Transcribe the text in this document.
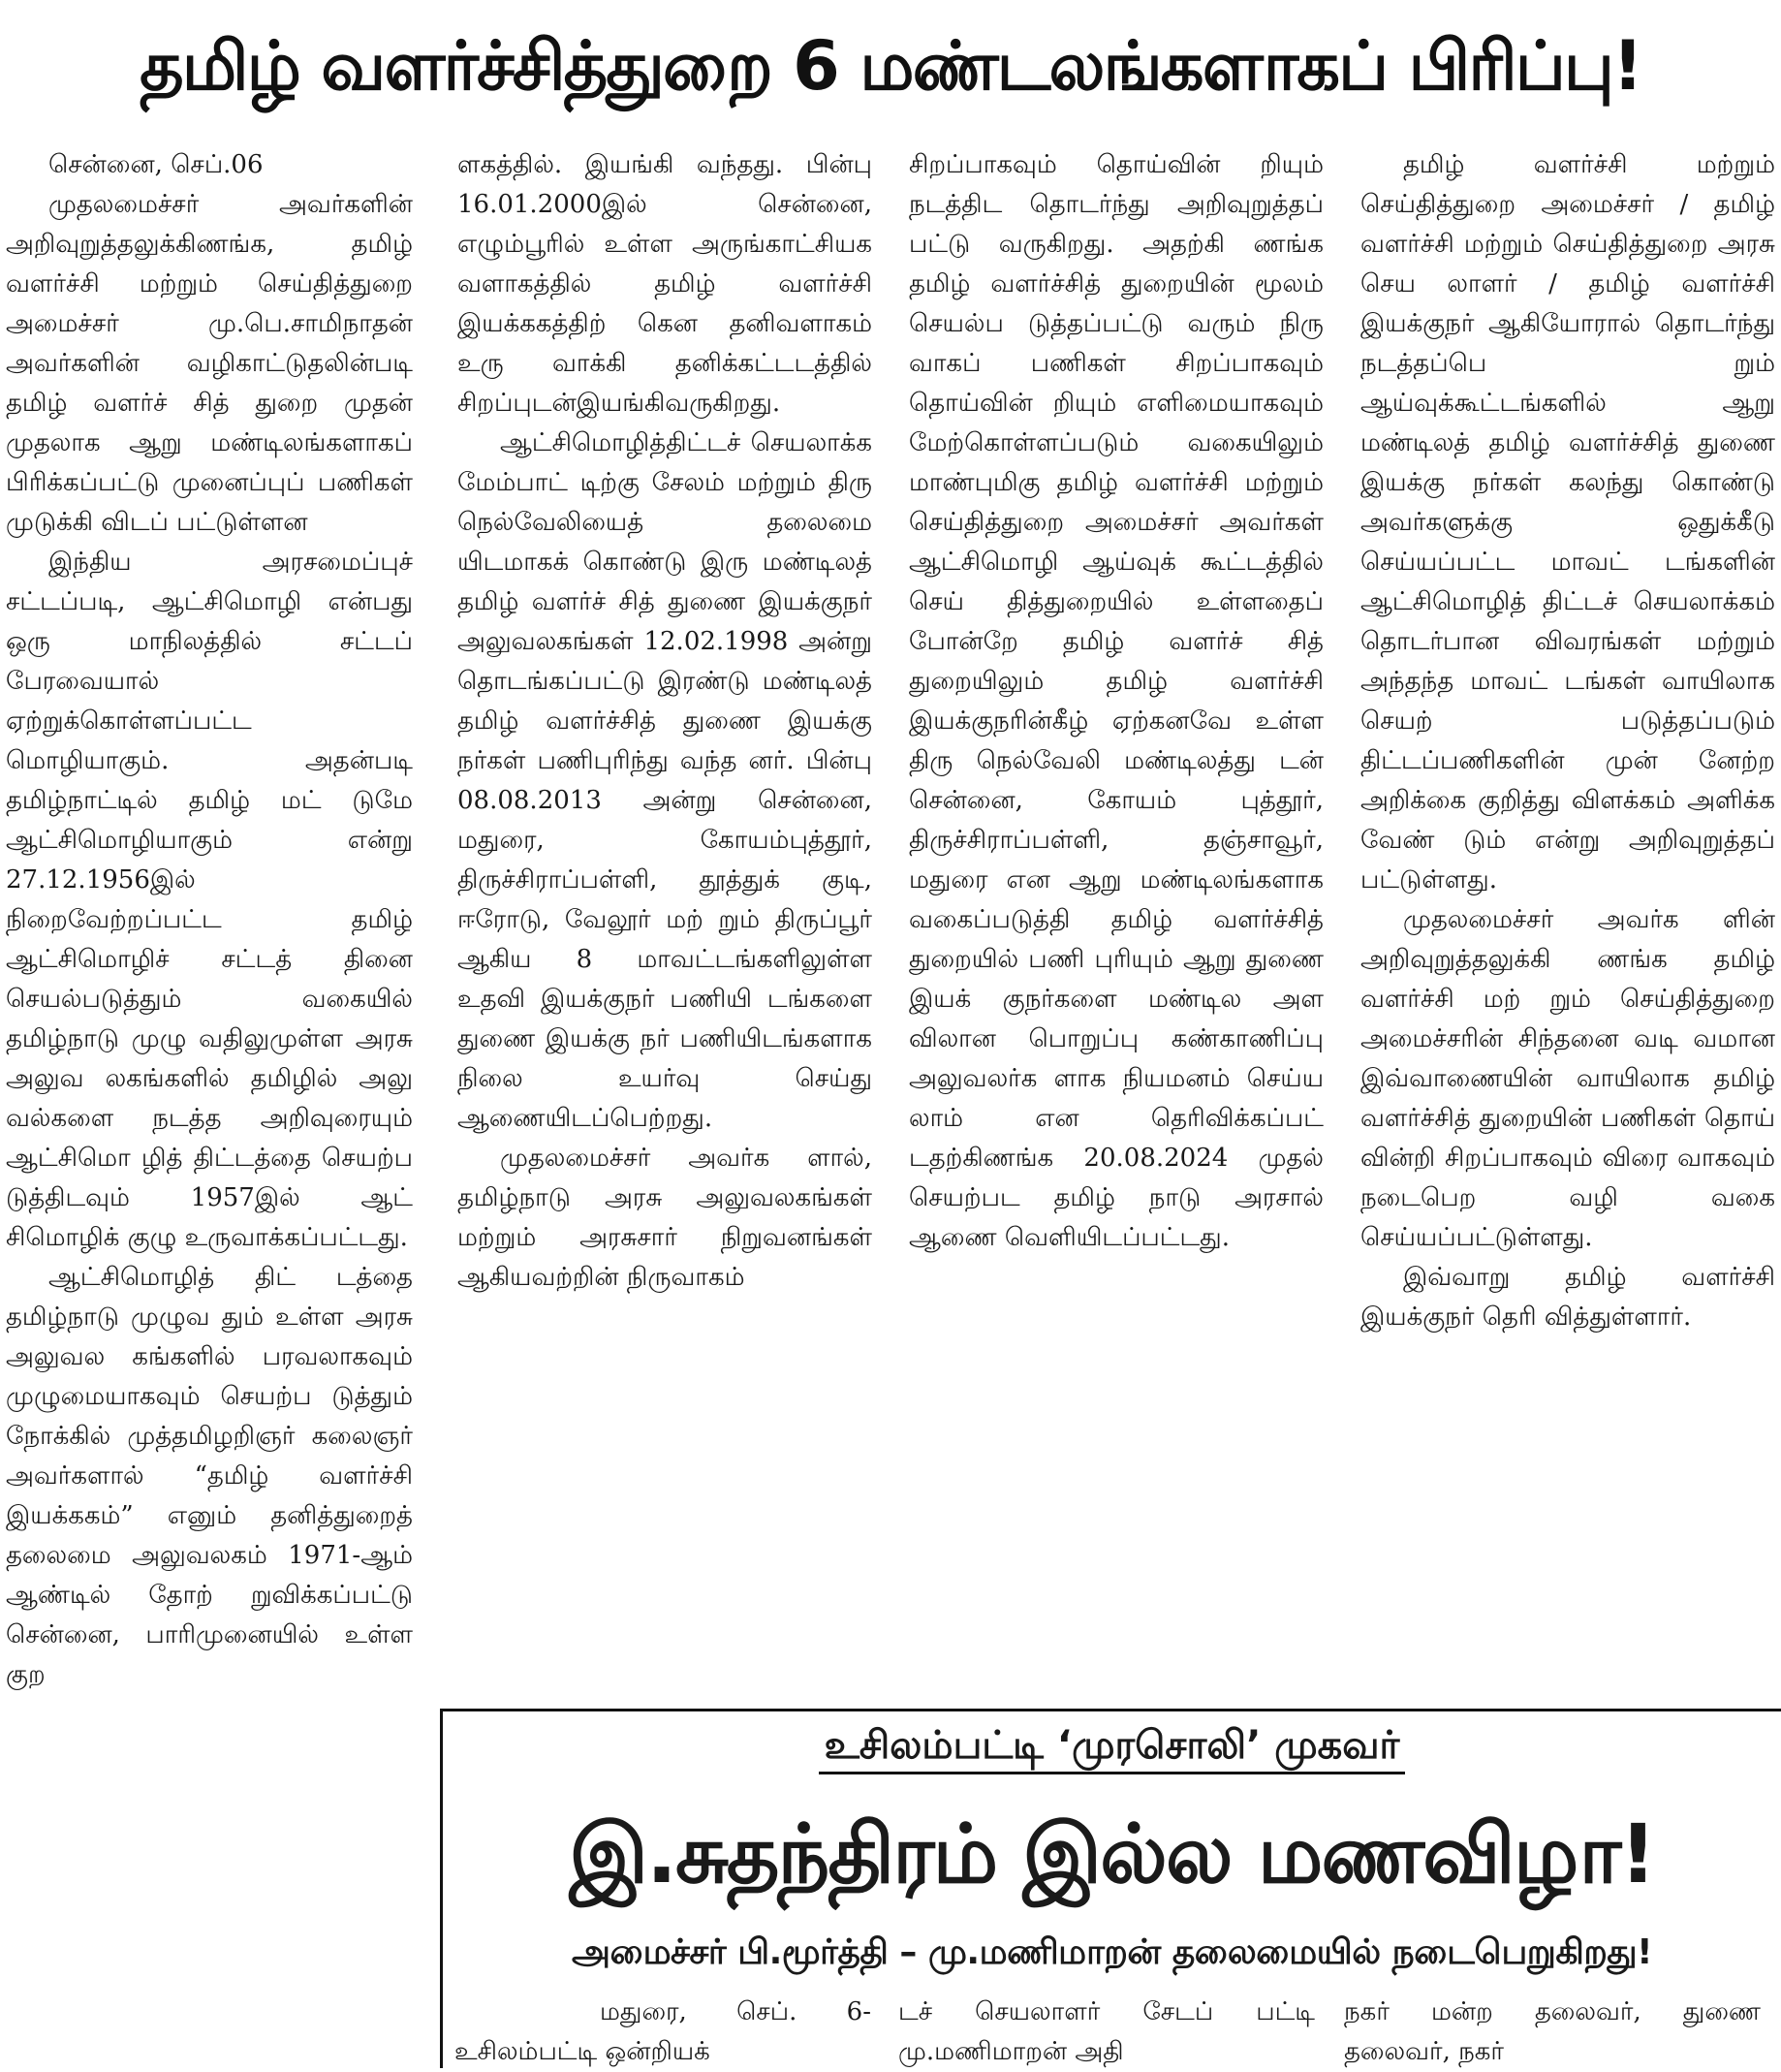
தமிழ் வளர்ச்சித்துறை 6 மண்டலங்களாகப் பிரிப்பு!

சென்னை, செப்.06

முதலமைச்சர் அவர்களின் அறிவுறுத்தலுக்கிணங்க, தமிழ் வளர்ச்சி மற்றும் செய்தித்துறை அமைச்சர் மு.பெ.சாமிநாதன் அவர்களின் வழிகாட்டுதலின்படி தமிழ் வளர்ச் சித் துறை முதன் முதலாக ஆறு மண்டிலங்களாகப் பிரிக்கப்பட்டு முனைப்புப் பணிகள் முடுக்கி விடப் பட்டுள்ளன

இந்திய அரசமைப்புச் சட்டப்படி, ஆட்சிமொழி என்பது ஒரு மாநிலத்தில் சட்டப் பேரவையால் ஏற்றுக்கொள்ளப்பட்ட மொழியாகும். அதன்படி தமிழ்நாட்டில் தமிழ் மட் டுமே ஆட்சிமொழியாகும் என்று 27.12.1956இல் நிறைவேற்றப்பட்ட தமிழ் ஆட்சிமொழிச் சட்டத் தினை செயல்படுத்தும் வகையில் தமிழ்நாடு முழு வதிலுமுள்ள அரசு அலுவ லகங்களில் தமிழில் அலு வல்களை நடத்த அறிவுரையும் ஆட்சிமொ ழித் திட்டத்தை செயற்ப டுத்திடவும் 1957இல் ஆட் சிமொழிக் குழு உருவாக்கப்பட்டது.

ஆட்சிமொழித் திட் டத்தை தமிழ்நாடு முழுவ தும் உள்ள அரசு அலுவல கங்களில் பரவலாகவும் முழுமையாகவும் செயற்ப டுத்தும் நோக்கில் முத்தமிழறிஞர் கலைஞர் அவர்களால் “தமிழ் வளர்ச்சி இயக்ககம்” எனும் தனித்துறைத் தலைமை அலுவலகம் 1971-ஆம் ஆண்டில் தோற் றுவிக்கப்பட்டு சென்னை, பாரிமுனையில் உள்ள குற

ளகத்தில். இயங்கி வந்தது. பின்பு 16.01.2000இல் சென்னை, எழும்பூரில் உள்ள அருங்காட்சியக வளாகத்தில் தமிழ் வளர்ச்சி இயக்ககத்திற் கென தனிவளாகம் உரு வாக்கி தனிக்கட்டடத்தில் சிறப்புடன்இயங்கிவருகிறது.

ஆட்சிமொழித்திட்டச் செயலாக்க மேம்பாட் டிற்கு சேலம் மற்றும் திரு நெல்வேலியைத் தலைமை யிடமாகக் கொண்டு இரு மண்டிலத் தமிழ் வளர்ச் சித் துணை இயக்குநர் அலுவலகங்கள் 12.02.1998 அன்று தொடங்கப்பட்டு இரண்டு மண்டிலத் தமிழ் வளர்ச்சித் துணை இயக்கு நர்கள் பணிபுரிந்து வந்த னர். பின்பு 08.08.2013 அன்று சென்னை, மதுரை, கோயம்புத்தூர், திருச்சிராப்பள்ளி, தூத்துக் குடி, ஈரோடு, வேலூர் மற் றும் திருப்பூர் ஆகிய 8 மாவட்டங்களிலுள்ள உதவி இயக்குநர் பணியி டங்களை துணை இயக்கு நர் பணியிடங்களாக நிலை உயர்வு செய்து ஆணையிடப்பெற்றது.

முதலமைச்சர் அவர்க ளால், தமிழ்நாடு அரசு அலுவலகங்கள் மற்றும் அரசுசார் நிறுவனங்கள் ஆகியவற்றின் நிருவாகம்

சிறப்பாகவும் தொய்வின் றியும் நடத்திட தொடர்ந்து அறிவுறுத்தப் பட்டு வருகிறது. அதற்கி ணங்க தமிழ் வளர்ச்சித் துறையின் மூலம் செயல்ப டுத்தப்பட்டு வரும் நிரு வாகப் பணிகள் சிறப்பாகவும் தொய்வின் றியும் எளிமையாகவும் மேற்கொள்ளப்படும் வகையிலும் மாண்புமிகு தமிழ் வளர்ச்சி மற்றும் செய்தித்துறை அமைச்சர் அவர்கள் ஆட்சிமொழி ஆய்வுக் கூட்டத்தில் செய் தித்துறையில் உள்ளதைப் போன்றே தமிழ் வளர்ச் சித் துறையிலும் தமிழ் வளர்ச்சி இயக்குநரின்கீழ் ஏற்கனவே உள்ள திரு நெல்வேலி மண்டிலத்து டன் சென்னை, கோயம் புத்தூர், திருச்சிராப்பள்ளி, தஞ்சாவூர், மதுரை என ஆறு மண்டிலங்களாக வகைப்படுத்தி தமிழ் வளர்ச்சித் துறையில் பணி புரியும் ஆறு துணை இயக் குநர்களை மண்டில அள விலான பொறுப்பு கண்காணிப்பு அலுவலர்க ளாக நியமனம் செய்ய லாம் என தெரிவிக்கப்பட் டதற்கிணங்க 20.08.2024 முதல் செயற்பட தமிழ் நாடு அரசால் ஆணை வெளியிடப்பட்டது.

தமிழ் வளர்ச்சி மற்றும் செய்தித்துறை அமைச்சர் / தமிழ் வளர்ச்சி மற்றும் செய்தித்துறை அரசு செய லாளர் / தமிழ் வளர்ச்சி இயக்குநர் ஆகியோரால் தொடர்ந்து நடத்தப்பெ றும் ஆய்வுக்கூட்டங்களில் ஆறு மண்டிலத் தமிழ் வளர்ச்சித் துணை இயக்கு நர்கள் கலந்து கொண்டு அவர்களுக்கு ஒதுக்கீடு செய்யப்பட்ட மாவட் டங்களின் ஆட்சிமொழித் திட்டச் செயலாக்கம் தொடர்பான விவரங்கள் மற்றும் அந்தந்த மாவட் டங்கள் வாயிலாக செயற் படுத்தப்படும் திட்டப்பணிகளின் முன் னேற்ற அறிக்கை குறித்து விளக்கம் அளிக்க வேண் டும் என்று அறிவுறுத்தப் பட்டுள்ளது.

முதலமைச்சர் அவர்க ளின் அறிவுறுத்தலுக்கி ணங்க தமிழ் வளர்ச்சி மற் றும் செய்தித்துறை அமைச்சரின் சிந்தனை வடி வமான இவ்வாணையின் வாயிலாக தமிழ் வளர்ச்சித் துறையின் பணிகள் தொய் வின்றி சிறப்பாகவும் விரை வாகவும் நடைபெற வழி வகை செய்யப்பட்டுள்ளது.

இவ்வாறு தமிழ் வளர்ச்சி இயக்குநர் தெரி வித்துள்ளார்.

உசிலம்பட்டி ‘முரசொலி’ முகவர்
இ.சுதந்திரம் இல்ல மணவிழா!
அமைச்சர் பி.மூர்த்தி – மு.மணிமாறன் தலைமையில் நடைபெறுகிறது!

மதுரை, செப். 6- உசிலம்பட்டி ஒன்றியக்

டச் செயலாளர் சேடப் பட்டி மு.மணிமாறன் அதி

நகர் மன்ற தலைவர், துணை தலைவர், நகர்
